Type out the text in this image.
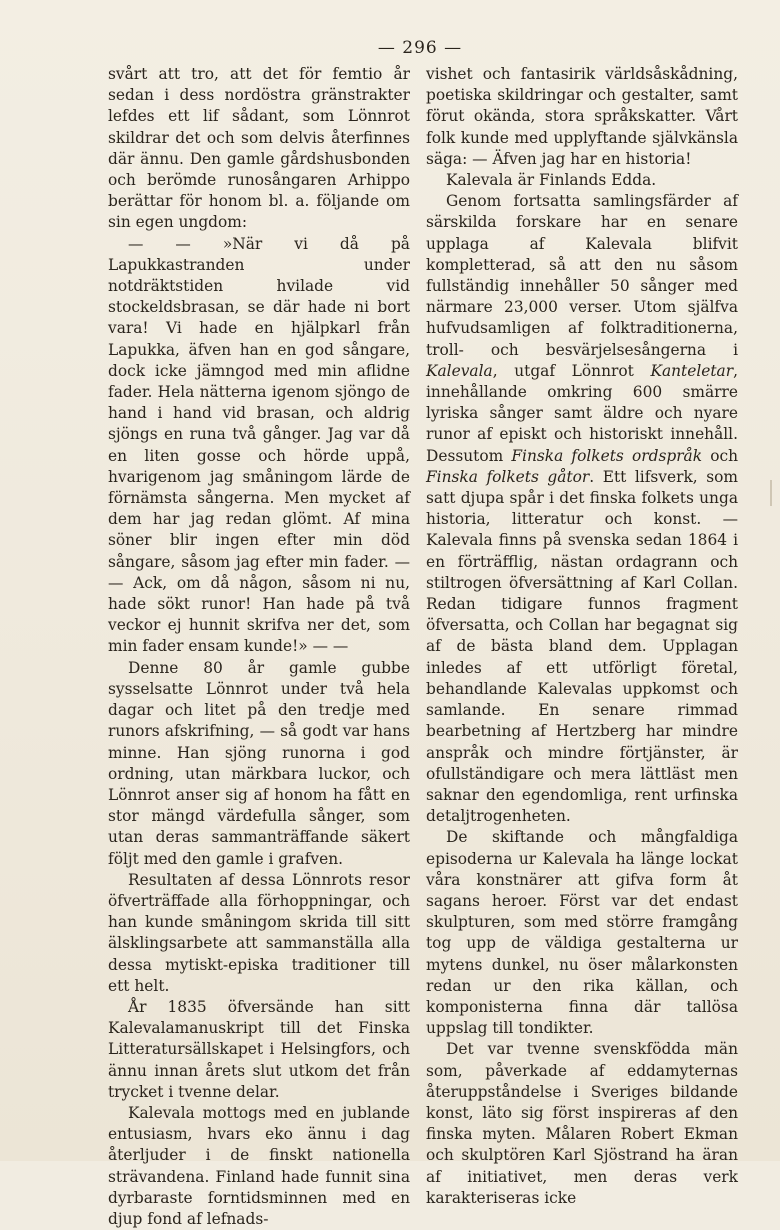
— 296 —

svårt att tro, att det för femtio år sedan i dess nordöstra gränstrakter lefdes ett lif sådant, som Lönnrot skildrar det och som delvis återfinnes där ännu. Den gamle gårdshusbonden och berömde runosångaren Arhippo berättar för honom bl. a. följande om sin egen ungdom:

— — »När vi då på Lapukkastranden under notdräktstiden hvilade vid stockeldsbrasan, se där hade ni bort vara! Vi hade en hjälpkarl från Lapukka, äfven han en god sångare, dock icke jämngod med min aflidne fader. Hela nätterna igenom sjöngo de hand i hand vid brasan, och aldrig sjöngs en runa två gånger. Jag var då en liten gosse och hörde uppå, hvarigenom jag småningom lärde de förnämsta sångerna. Men mycket af dem har jag redan glömt. Af mina söner blir ingen efter min död sångare, såsom jag efter min fader. — — Ack, om då någon, såsom ni nu, hade sökt runor! Han hade på två veckor ej hunnit skrifva ner det, som min fader ensam kunde!» — —

Denne 80 år gamle gubbe sysselsatte Lönnrot under två hela dagar och litet på den tredje med runors afskrifning, — så godt var hans minne. Han sjöng runorna i god ordning, utan märkbara luckor, och Lönnrot anser sig af honom ha fått en stor mängd värdefulla sånger, som utan deras sammanträffande säkert följt med den gamle i grafven.

Resultaten af dessa Lönnrots resor öfverträffade alla förhoppningar, och han kunde småningom skrida till sitt älsklingsarbete att sammanställa alla dessa mytiskt-episka traditioner till ett helt.

År 1835 öfversände han sitt Kalevalamanuskript till det Finska Litteratursällskapet i Helsingfors, och ännu innan årets slut utkom det från trycket i tvenne delar.

Kalevala mottogs med en jublande entusiasm, hvars eko ännu i dag återljuder i de finskt nationella strävandena. Finland hade funnit sina dyrbaraste forntidsminnen med en djup fond af lefnads-

vishet och fantasirik världsåskådning, poetiska skildringar och gestalter, samt förut okända, stora språkskatter. Vårt folk kunde med upplyftande självkänsla säga: — Äfven jag har en historia!

Kalevala är Finlands Edda.

Genom fortsatta samlingsfärder af särskilda forskare har en senare upplaga af Kalevala blifvit kompletterad, så att den nu såsom fullständig innehåller 50 sånger med närmare 23,000 verser. Utom själfva hufvudsamligen af folktraditionerna, troll- och besvärjelsesångerna i Kalevala, utgaf Lönnrot Kanteletar, innehållande omkring 600 smärre lyriska sånger samt äldre och nyare runor af episkt och historiskt innehåll. Dessutom Finska folkets ordspråk och Finska folkets gåtor. Ett lifsverk, som satt djupa spår i det finska folkets unga historia, litteratur och konst. — Kalevala finns på svenska sedan 1864 i en förträfflig, nästan ordagrann och stiltrogen öfversättning af Karl Collan. Redan tidigare funnos fragment öfversatta, och Collan har begagnat sig af de bästa bland dem. Upplagan inledes af ett utförligt företal, behandlande Kalevalas uppkomst och samlande. En senare rimmad bearbetning af Hertzberg har mindre anspråk och mindre förtjänster, är ofullständigare och mera lättläst men saknar den egendomliga, rent urfinska detaljtrogenheten.

De skiftande och mångfaldiga episoderna ur Kalevala ha länge lockat våra konstnärer att gifva form åt sagans heroer. Först var det endast skulpturen, som med större framgång tog upp de väldiga gestalterna ur mytens dunkel, nu öser målarkonsten redan ur den rika källan, och komponisterna finna där tallösa uppslag till tondikter.

Det var tvenne svenskfödda män som, påverkade af eddamyternas återuppståndelse i Sveriges bildande konst, läto sig först inspireras af den finska myten. Målaren Robert Ekman och skulptören Karl Sjöstrand ha äran af initiativet, men deras verk karakteriseras icke
